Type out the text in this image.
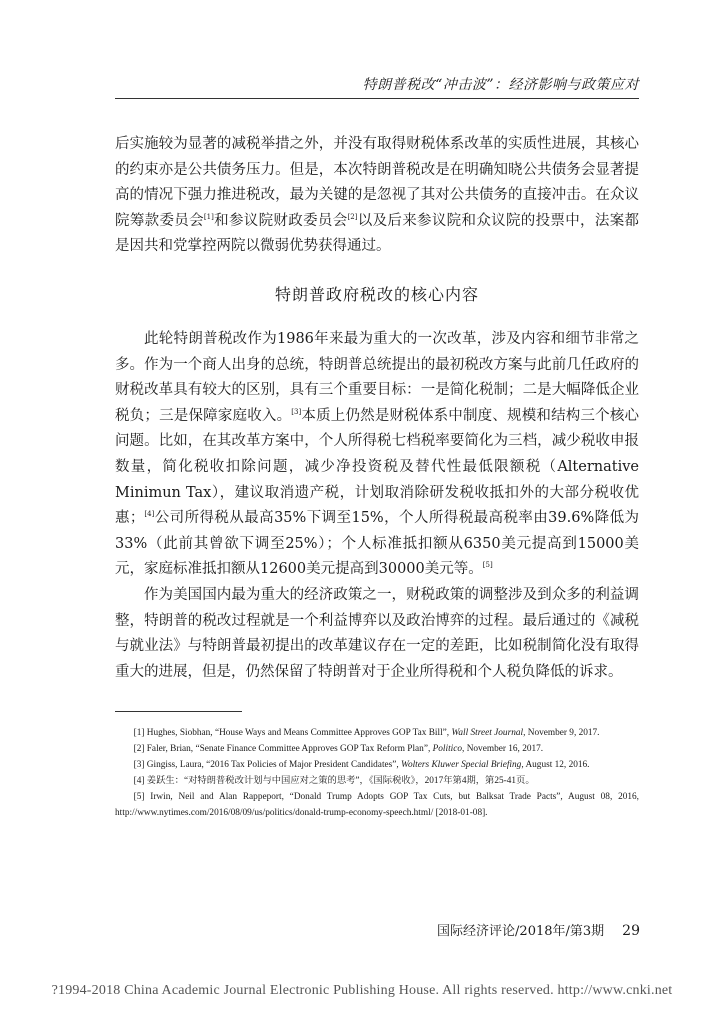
特朗普税改“冲击波”：经济影响与政策应对

后实施较为显著的减税举措之外，并没有取得财税体系改革的实质性进展，其核心的约束亦是公共债务压力。但是，本次特朗普税改是在明确知晓公共债务会显著提高的情况下强力推进税改，最为关键的是忽视了其对公共债务的直接冲击。在众议院筹款委员会[1]和参议院财政委员会[2]以及后来参议院和众议院的投票中，法案都是因共和党掌控两院以微弱优势获得通过。

特朗普政府税改的核心内容

此轮特朗普税改作为1986年来最为重大的一次改革，涉及内容和细节非常之多。作为一个商人出身的总统，特朗普总统提出的最初税改方案与此前几任政府的财税改革具有较大的区别，具有三个重要目标：一是简化税制；二是大幅降低企业税负；三是保障家庭收入。[3]本质上仍然是财税体系中制度、规模和结构三个核心问题。比如，在其改革方案中，个人所得税七档税率要简化为三档，减少税收申报数量，简化税收扣除问题，减少净投资税及替代性最低限额税（Alternative Minimun Tax），建议取消遗产税，计划取消除研发税收抵扣外的大部分税收优惠；[4]公司所得税从最高35%下调至15%，个人所得税最高税率由39.6%降低为33%（此前其曾欲下调至25%）；个人标准抵扣额从6350美元提高到15000美元，家庭标准抵扣额从12600美元提高到30000美元等。[5]

作为美国国内最为重大的经济政策之一，财税政策的调整涉及到众多的利益调整，特朗普的税改过程就是一个利益博弈以及政治博弈的过程。最后通过的《减税与就业法》与特朗普最初提出的改革建议存在一定的差距，比如税制简化没有取得重大的进展，但是，仍然保留了特朗普对于企业所得税和个人税负降低的诉求。

[1] Hughes, Siobhan, “House Ways and Means Committee Approves GOP Tax Bill”, Wall Street Journal, November 9, 2017.

[2] Faler, Brian, “Senate Finance Committee Approves GOP Tax Reform Plan”, Politico, November 16, 2017.

[3] Gingiss, Laura, “2016 Tax Policies of Major President Candidates”, Wolters Kluwer Special Briefing, August 12, 2016.

[4] 姜跃生：“对特朗普税改计划与中国应对之策的思考”，《国际税收》，2017年第4期，第25-41页。

[5] Irwin, Neil and Alan Rappeport, “Donald Trump Adopts GOP Tax Cuts, but Balksat Trade Pacts”, August 08, 2016, http://www.nytimes.com/2016/08/09/us/politics/donald-trump-economy-speech.html/ [2018-01-08].

国际经济评论/2018年/第3期 29
?1994-2018 China Academic Journal Electronic Publishing House. All rights reserved. http://www.cnki.net
